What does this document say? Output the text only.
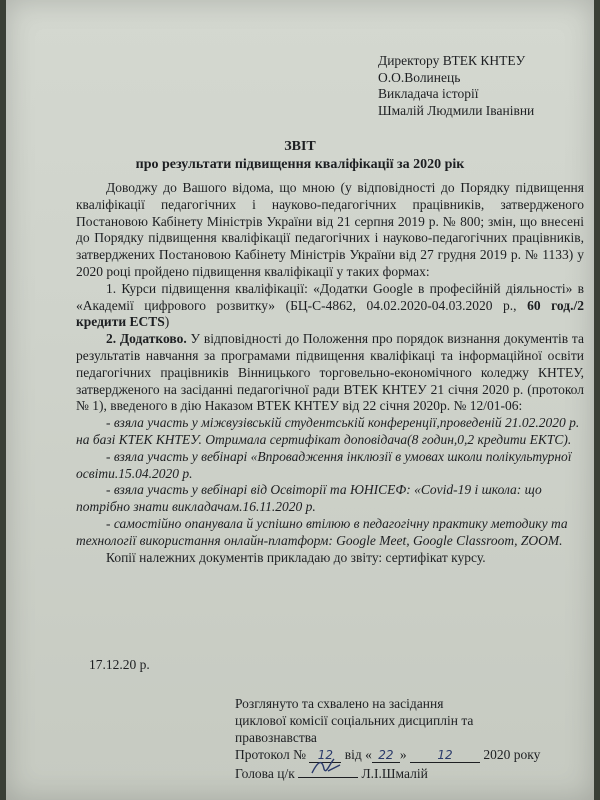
Директору ВТЕК КНТЕУ
О.О.Волинець
Викладача історії
Шмалій Людмили Іванівни
ЗВІТ
про результати підвищення кваліфікації за 2020 рік

Доводжу до Вашого відома, що мною (у відповідності до Порядку підвищення кваліфікації педагогічних і науково-педагогічних працівників, затвердженого Постановою Кабінету Міністрів України від 21 серпня 2019 р. № 800; змін, що внесені до Порядку підвищення кваліфікації педагогічних і науково-педагогічних працівників, затверджених Постановою Кабінету Міністрів України від 27 грудня 2019 р. № 1133) у 2020 році пройдено підвищення кваліфікації у таких формах:

1. Курси підвищення кваліфікації: «Додатки Google в професійній діяльності» в «Академії цифрового розвитку» (БЦ-С-4862, 04.02.2020-04.03.2020 р., 60 год./2 кредити ECTS)

2. Додатково. У відповідності до Положення про порядок визнання документів та результатів навчання за програмами підвищення кваліфікаці та інформаційної освіти педагогічних працівників Вінницького торговельно-економічного коледжу КНТЕУ, затвердженого на засіданні педагогічної ради ВТЕК КНТЕУ 21 січня 2020 р. (протокол № 1), введеного в дію Наказом ВТЕК КНТЕУ від 22 січня 2020р. № 12/01-06:

- взяла участь у міжвузівській студентській конференції,проведеній 21.02.2020 р. на базі КТЕК КНТЕУ. Отримала сертифікат доповідача(8 годин,0,2 кредити ЕКТС).

- взяла участь у вебінарі «Впровадження інклюзії в умовах школи полікультурної освіти.15.04.2020 р.

- взяла участь у вебінарі від Освіторії та ЮНІСЕФ: «Covid-19 і школа: що потрібно знати викладачам.16.11.2020 р.

- самостійно опанувала й успішно втілюю в педагогічну практику методику та технології використання онлайн-платформ: Google Meet, Google Classroom, ZOOM.

Копії належних документів прикладаю до звіту: сертифікат курсу.

17.12.20 р.
Розглянуто та схвалено на засідання
циклової комісії соціальних дисциплін та
правознавства
Протокол № 12 від « 22 »	12 2020 року
Голова ц/к	Л.І.Шмалій
